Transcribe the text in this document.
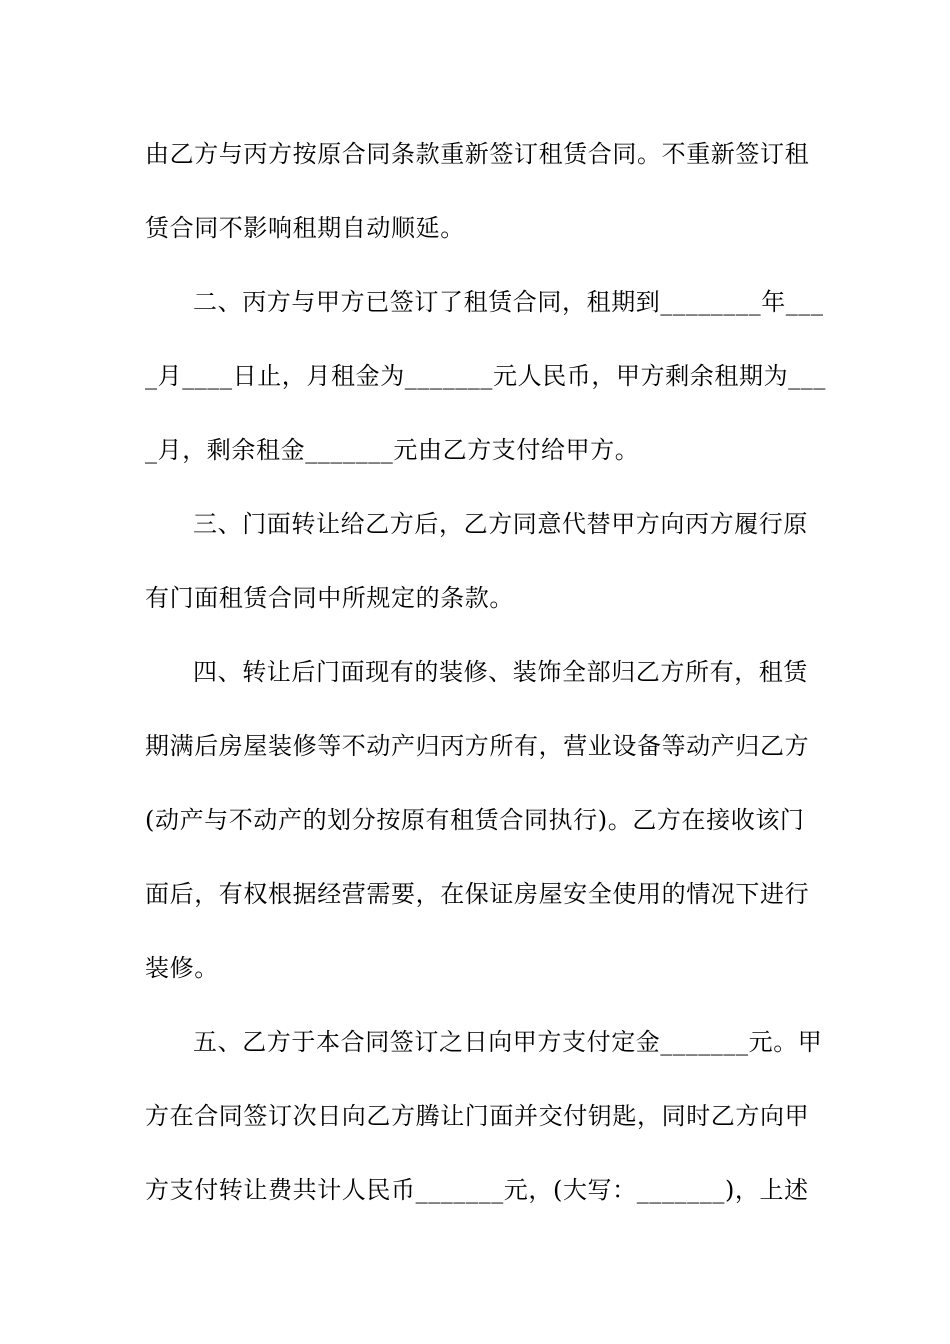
由乙方与丙方按原合同条款重新签订租赁合同。不重新签订租
赁合同不影响租期自动顺延。
二、丙方与甲方已签订了租赁合同，租期到________年___
_月____日止，月租金为_______元人民币，甲方剩余租期为___
_月，剩余租金_______元由乙方支付给甲方。
三、门面转让给乙方后，乙方同意代替甲方向丙方履行原
有门面租赁合同中所规定的条款。
四、转让后门面现有的装修、装饰全部归乙方所有，租赁
期满后房屋装修等不动产归丙方所有，营业设备等动产归乙方
(动产与不动产的划分按原有租赁合同执行)。乙方在接收该门
面后，有权根据经营需要，在保证房屋安全使用的情况下进行
装修。
五、乙方于本合同签订之日向甲方支付定金_______元。甲
方在合同签订次日向乙方腾让门面并交付钥匙，同时乙方向甲
方支付转让费共计人民币_______元，(大写：_______)，上述
